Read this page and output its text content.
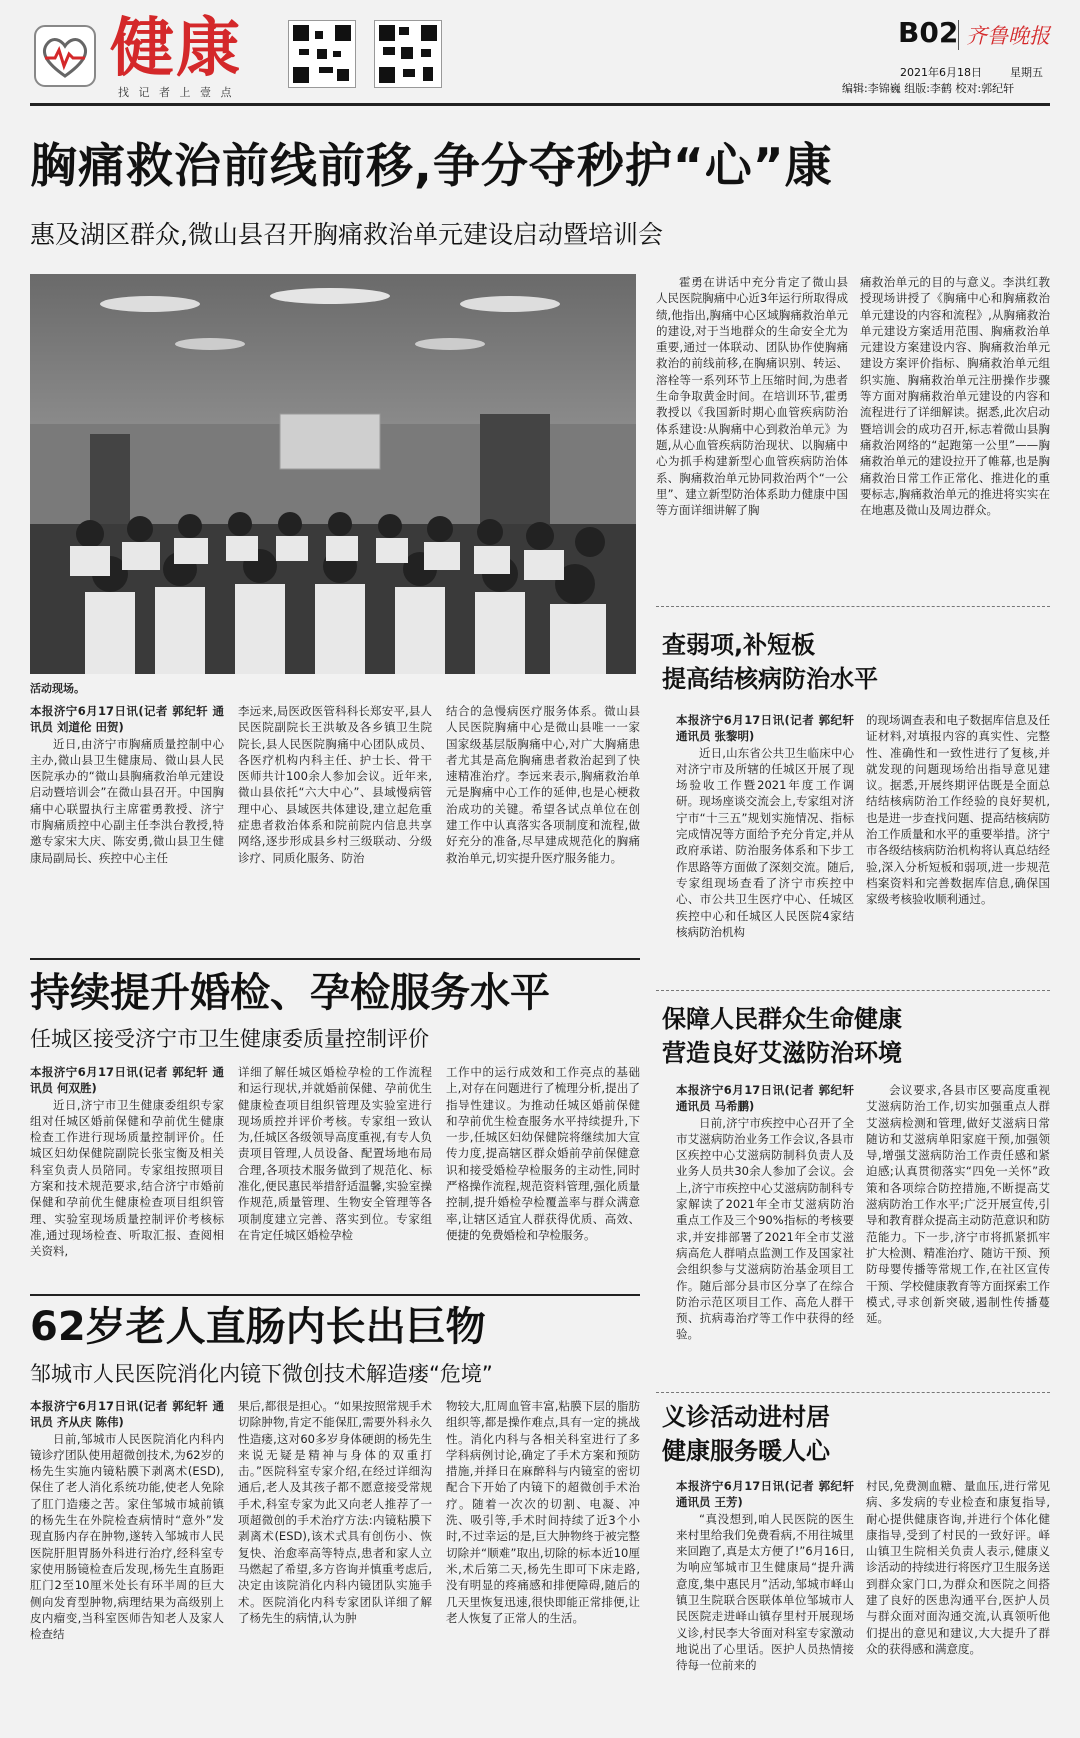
健康
找 记 者 上 壹 点
B02 齐鲁晚报
2021年6月18日	星期五
编辑:李锦巍 组版:李鹤 校对:郭纪轩
胸痛救治前线前移,争分夺秒护“心”康
惠及湖区群众,微山县召开胸痛救治单元建设启动暨培训会
活动现场。

本报济宁6月17日讯(记者 郭纪轩 通讯员 刘道伦 田贺)

近日,由济宁市胸痛质量控制中心主办,微山县卫生健康局、微山县人民医院承办的“微山县胸痛救治单元建设启动暨培训会”在微山县召开。中国胸痛中心联盟执行主席霍勇教授、济宁市胸痛质控中心副主任李洪台教授,特邀专家宋大庆、陈安勇,微山县卫生健康局副局长、疾控中心主任

李远来,局医政医管科科长郑安平,县人民医院副院长王洪敏及各乡镇卫生院院长,县人民医院胸痛中心团队成员、各医疗机构内科主任、护士长、骨干医师共计100余人参加会议。近年来,微山县依托“六大中心”、县域慢病管理中心、县域医共体建设,建立起危重症患者救治体系和院前院内信息共享网络,逐步形成县乡村三级联动、分级诊疗、同质化服务、防治

结合的急慢病医疗服务体系。微山县人民医院胸痛中心是微山县唯一一家国家级基层版胸痛中心,对广大胸痛患者尤其是高危胸痛患者救治起到了快速精准治疗。李远来表示,胸痛救治单元是胸痛中心工作的延伸,也是心梗救治成功的关键。希望各试点单位在创建工作中认真落实各项制度和流程,做好充分的准备,尽早建成规范化的胸痛救治单元,切实提升医疗服务能力。

霍勇在讲话中充分肯定了微山县人民医院胸痛中心近3年运行所取得成绩,他指出,胸痛中心区域胸痛救治单元的建设,对于当地群众的生命安全尤为重要,通过一体联动、团队协作使胸痛救治的前线前移,在胸痛识别、转运、溶栓等一系列环节上压缩时间,为患者生命争取黄金时间。在培训环节,霍勇教授以《我国新时期心血管疾病防治体系建设:从胸痛中心到救治单元》为题,从心血管疾病防治现状、以胸痛中心为抓手构建新型心血管疾病防治体系、胸痛救治单元协同救治两个“一公里”、建立新型防治体系助力健康中国等方面详细讲解了胸

痛救治单元的目的与意义。李洪红教授现场讲授了《胸痛中心和胸痛救治单元建设的内容和流程》,从胸痛救治单元建设方案适用范围、胸痛救治单元建设方案建设内容、胸痛救治单元建设方案评价指标、胸痛救治单元组织实施、胸痛救治单元注册操作步骤等方面对胸痛救治单元建设的内容和流程进行了详细解读。据悉,此次启动暨培训会的成功召开,标志着微山县胸痛救治网络的“起跑第一公里”——胸痛救治单元的建设拉开了帷幕,也是胸痛救治日常工作正常化、推进化的重要标志,胸痛救治单元的推进将实实在在地惠及微山及周边群众。

查弱项,补短板
提高结核病防治水平

本报济宁6月17日讯(记者 郭纪轩 通讯员 张黎明)

近日,山东省公共卫生临床中心对济宁市及所辖的任城区开展了现场验收工作暨2021年度工作调研。现场座谈交流会上,专家组对济宁市“十三五”规划实施情况、指标完成情况等方面给予充分肯定,并从政府承诺、防治服务体系和下步工作思路等方面做了深刻交流。随后,专家组现场查看了济宁市疾控中心、市公共卫生医疗中心、任城区疾控中心和任城区人民医院4家结核病防治机构

的现场调查表和电子数据库信息及任证材料,对填报内容的真实性、完整性、准确性和一致性进行了复核,并就发现的问题现场给出指导意见建议。据悉,开展终期评估既是全面总结结核病防治工作经验的良好契机,也是进一步查找问题、提高结核病防治工作质量和水平的重要举措。济宁市各级结核病防治机构将认真总结经验,深入分析短板和弱项,进一步规范档案资料和完善数据库信息,确保国家级考核验收顺利通过。

持续提升婚检、孕检服务水平
任城区接受济宁市卫生健康委质量控制评价

本报济宁6月17日讯(记者 郭纪轩 通讯员 何双胜)

近日,济宁市卫生健康委组织专家组对任城区婚前保健和孕前优生健康检查工作进行现场质量控制评价。任城区妇幼保健院副院长张宝衡及相关科室负责人员陪同。专家组按照项目方案和技术规范要求,结合济宁市婚前保健和孕前优生健康检查项目组织管理、实验室现场质量控制评价考核标准,通过现场检查、听取汇报、查阅相关资料,

详细了解任城区婚检孕检的工作流程和运行现状,并就婚前保健、孕前优生健康检查项目组织管理及实验室进行现场质控并评价考核。专家组一致认为,任城区各级领导高度重视,有专人负责项目管理,人员设备、配置场地布局合理,各项技术服务做到了规范化、标准化,便民惠民举措舒适温馨,实验室操作规范,质量管理、生物安全管理等各项制度建立完善、落实到位。专家组在肯定任城区婚检孕检

工作中的运行成效和工作亮点的基础上,对存在问题进行了梳理分析,提出了指导性建议。为推动任城区婚前保健和孕前优生检查服务水平持续提升,下一步,任城区妇幼保健院将继续加大宣传力度,提高辖区群众婚前孕前保健意识和接受婚检孕检服务的主动性,同时严格操作流程,规范资料管理,强化质量控制,提升婚检孕检覆盖率与群众满意率,让辖区适宜人群获得优质、高效、便捷的免费婚检和孕检服务。

保障人民群众生命健康
营造良好艾滋防治环境

本报济宁6月17日讯(记者 郭纪轩 通讯员 马希鹏)

日前,济宁市疾控中心召开了全市艾滋病防治业务工作会议,各县市区疾控中心艾滋病防制科负责人及业务人员共30余人参加了会议。会上,济宁市疾控中心艾滋病防制科专家解读了2021年全市艾滋病防治重点工作及三个90%指标的考核要求,并安排部署了2021年全市艾滋病高危人群哨点监测工作及国家社会组织参与艾滋病防治基金项目工作。随后部分县市区分享了在综合防治示范区项目工作、高危人群干预、抗病毒治疗等工作中获得的经验。

会议要求,各县市区要高度重视艾滋病防治工作,切实加强重点人群艾滋病检测和管理,做好艾滋病日常随访和艾滋病单阳家庭干预,加强领导,增强艾滋病防治工作责任感和紧迫感;认真贯彻落实“四免一关怀”政策和各项综合防控措施,不断提高艾滋病防治工作水平;广泛开展宣传,引导和教育群众提高主动防范意识和防范能力。下一步,济宁市将抓紧抓牢扩大检测、精准治疗、随访干预、预防母婴传播等常规工作,在社区宣传干预、学校健康教育等方面探索工作模式,寻求创新突破,遏制性传播蔓延。

62岁老人直肠内长出巨物
邹城市人民医院消化内镜下微创技术解造瘘“危境”

本报济宁6月17日讯(记者 郭纪轩 通讯员 齐从庆 陈伟)

日前,邹城市人民医院消化内科内镜诊疗团队使用超微创技术,为62岁的杨先生实施内镜粘膜下剥离术(ESD),保住了老人消化系统功能,使老人免除了肛门造瘘之苦。家住邹城市城前镇的杨先生在外院检查病情时“意外”发现直肠内存在肿物,遂转入邹城市人民医院肝胆胃肠外科进行治疗,经科室专家使用肠镜检查后发现,杨先生直肠距肛门2至10厘米处长有环半周的巨大侧向发育型肿物,病理结果为高级别上皮内瘤变,当科室医师告知老人及家人检查结

果后,都很是担心。“如果按照常规手术切除肿物,肯定不能保肛,需要外科永久性造瘘,这对60多岁身体硬朗的杨先生来说无疑是精神与身体的双重打击。”医院科室专家介绍,在经过详细沟通后,老人及其孩子都不愿意接受常规手术,科室专家为此又向老人推荐了一项超微创的手术治疗方法:内镜粘膜下剥离术(ESD),该术式具有创伤小、恢复快、治愈率高等特点,患者和家人立马燃起了希望,多方咨询并慎重考虑后,决定由该院消化内科内镜团队实施手术。医院消化内科专家团队详细了解了杨先生的病情,认为肿

物较大,肛周血管丰富,粘膜下层的脂肪组织等,都是操作难点,具有一定的挑战性。消化内科与各相关科室进行了多学科病例讨论,确定了手术方案和预防措施,并择日在麻醉科与内镜室的密切配合下开始了内镜下的超微创手术治疗。随着一次次的切割、电凝、冲洗、吸引等,手术时间持续了近3个小时,不过幸运的是,巨大肿物终于被完整切除并“顺难”取出,切除的标本近10厘米,术后第二天,杨先生即可下床走路,没有明显的疼痛感和排便障碍,随后的几天里恢复迅速,很快即能正常排便,让老人恢复了正常人的生活。

义诊活动进村居
健康服务暖人心

本报济宁6月17日讯(记者 郭纪轩 通讯员 王芳)

“真没想到,咱人民医院的医生来村里给我们免费看病,不用往城里来回跑了,真是太方便了!”6月16日,为响应邹城市卫生健康局“提升满意度,集中惠民月”活动,邹城市峄山镇卫生院联合医联体单位邹城市人民医院走进峄山镇存里村开展现场义诊,村民李大爷面对科室专家激动地说出了心里话。医护人员热情接待每一位前来的

村民,免费测血糖、量血压,进行常见病、多发病的专业检查和康复指导,耐心提供健康咨询,并进行个体化健康指导,受到了村民的一致好评。峄山镇卫生院相关负责人表示,健康义诊活动的持续进行将医疗卫生服务送到群众家门口,为群众和医院之间搭建了良好的医患沟通平台,医护人员与群众面对面沟通交流,认真领听他们提出的意见和建议,大大提升了群众的获得感和满意度。
